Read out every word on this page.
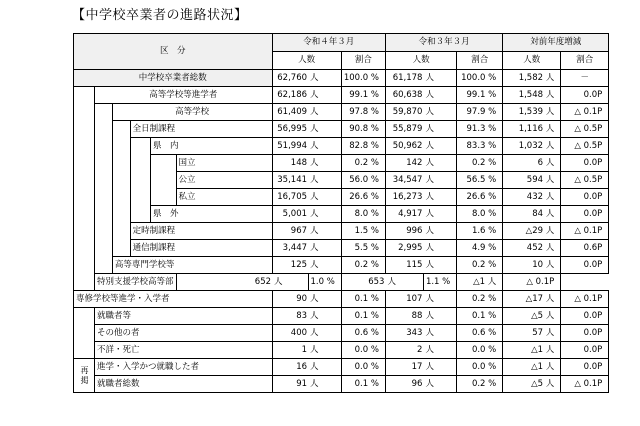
【中学校卒業者の進路状況】
区　分						令和４年３月			令和３年３月			対前年度増減	
						人数		割合	人数		割合	人数	割合
中学校卒業者総数						62,760	人	100.0 %	61,178	人	100.0 %	1,582 人	－
	高等学校等進学者					62,186	人	99.1 %	60,638	人	99.1 %	1,548 人	0.0P
		高等学校				61,409	人	97.8 %	59,870	人	97.9 %	1,539 人	△ 0.1P
			全日制課程			56,995	人	90.8 %	55,879	人	91.3 %	1,116 人	△ 0.5P
				県　内		51,994	人	82.8 %	50,962	人	83.3 %	1,032 人	△ 0.5P
					国立	148	人	0.2 %	142	人	0.2 %	6 人	0.0P
					公立	35,141	人	56.0 %	34,547	人	56.5 %	594 人	△ 0.5P
					私立	16,705	人	26.6 %	16,273	人	26.6 %	432 人	0.0P
				県　外		5,001	人	8.0 %	4,917	人	8.0 %	84 人	0.0P
			定時制課程			967	人	1.5 %	996	人	1.6 %	△29 人	△ 0.1P
			通信制課程			3,447	人	5.5 %	2,995	人	4.9 %	452 人	0.6P
		高等専門学校等				125	人	0.2 %	115	人	0.2 %	10 人	0.0P
	特別支援学校高等部				652	人	1.0 %	653	人	1.1 %	△1 人	△ 0.1P	
専修学校等進学・入学者						90	人	0.1 %	107	人	0.2 %	△17 人	△ 0.1P
	就職者等					83	人	0.1 %	88	人	0.1 %	△5 人	0.0P
	その他の者					400	人	0.6 %	343	人	0.6 %	57 人	0.0P
	不詳・死亡					1	人	0.0 %	2	人	0.0 %	△1 人	0.0P
再掲	進学・入学かつ就職した者					16	人	0.0 %	17	人	0.0 %	△1 人	0.0P
	就職者総数					91	人	0.1 %	96	人	0.2 %	△5 人	△ 0.1P
